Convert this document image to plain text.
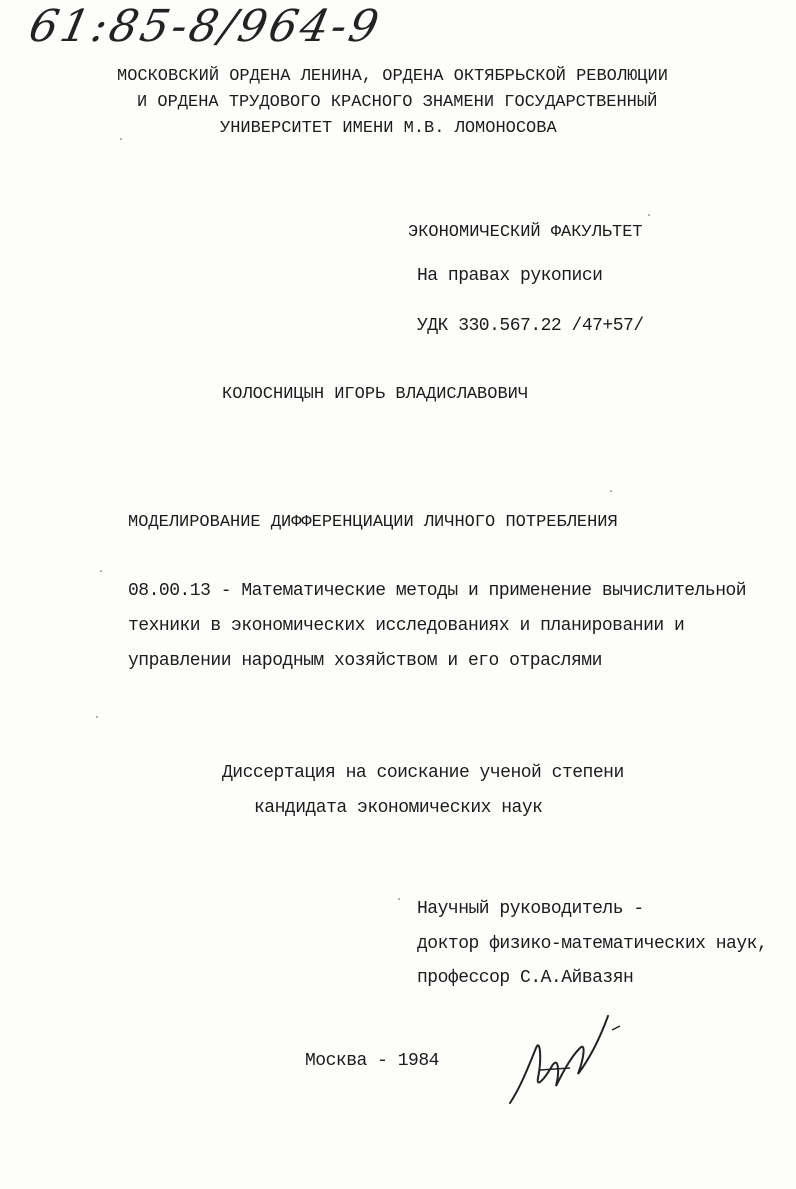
61:85-8/964-9
МОСКОВСКИЙ ОРДЕНА ЛЕНИНА, ОРДЕНА ОКТЯБРЬСКОЙ РЕВОЛЮЦИИ
И ОРДЕНА ТРУДОВОГО КРАСНОГО ЗНАМЕНИ ГОСУДАРСТВЕННЫЙ
УНИВЕРСИТЕТ ИМЕНИ М.В. ЛОМОНОСОВА
ЭКОНОМИЧЕСКИЙ ФАКУЛЬТЕТ
На правах рукописи
УДК 330.567.22 /47+57/
КОЛОСНИЦЫН ИГОРЬ ВЛАДИСЛАВОВИЧ
МОДЕЛИРОВАНИЕ ДИФФЕРЕНЦИАЦИИ ЛИЧНОГО ПОТРЕБЛЕНИЯ
08.00.13 - Математические методы и применение вычислительной
техники в экономических исследованиях и планировании и
управлении народным хозяйством и его отраслями
Диссертация на соискание ученой степени
кандидата экономических наук
Научный руководитель -
доктор физико-математических наук,
профессор С.А.Айвазян
Москва - 1984
